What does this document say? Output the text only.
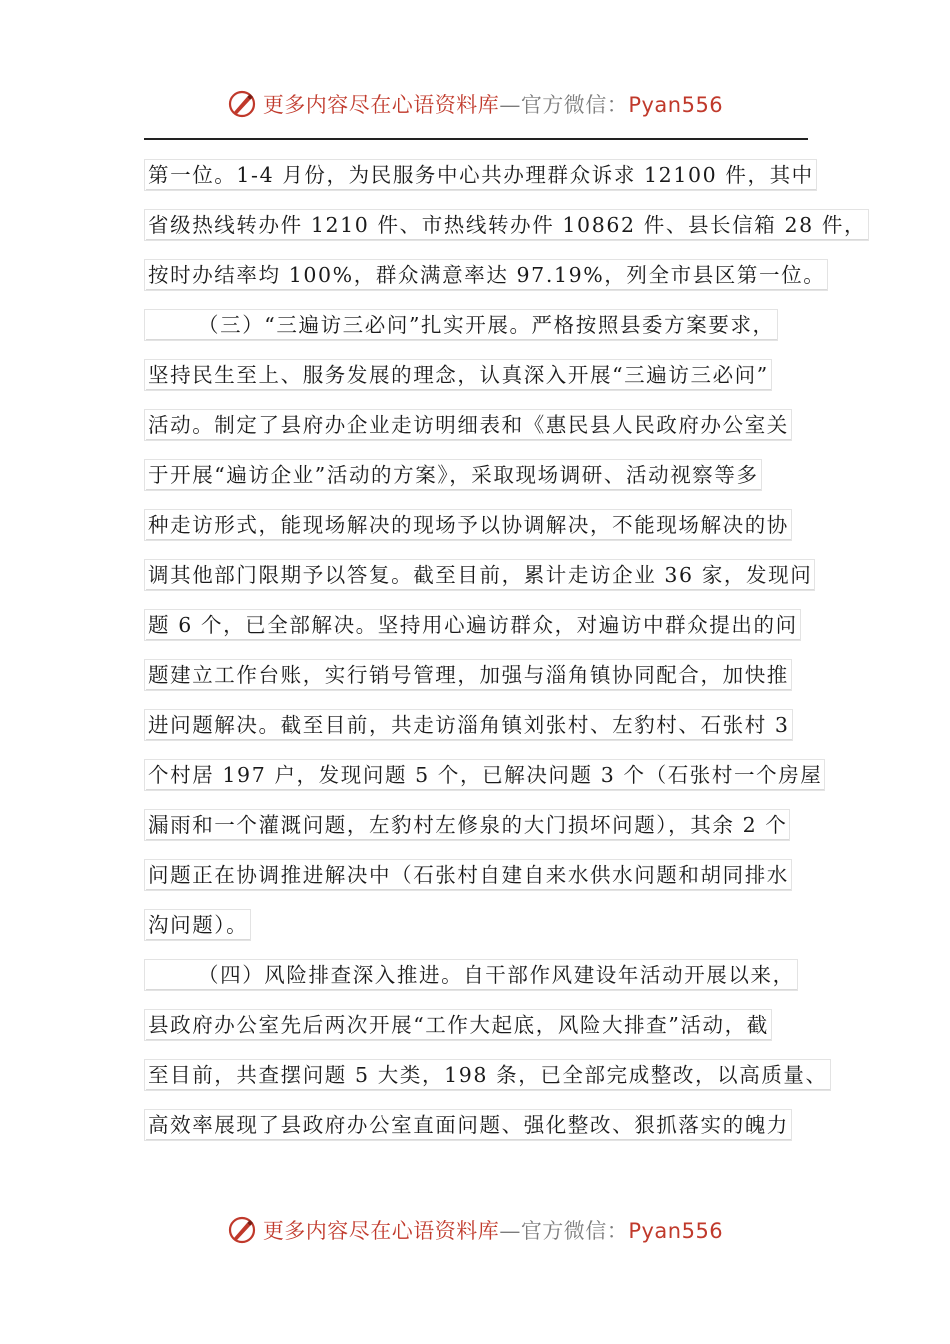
更多内容尽在心语资料库—官方微信：Pyan556
第一位。1-4 月份，为民服务中心共办理群众诉求 12100 件，其中
省级热线转办件 1210 件、市热线转办件 10862 件、县长信箱 28 件，
按时办结率均 100%，群众满意率达 97.19%，列全市县区第一位。
（三）“三遍访三必问”扎实开展。严格按照县委方案要求，
坚持民生至上、服务发展的理念，认真深入开展“三遍访三必问”
活动。制定了县府办企业走访明细表和《惠民县人民政府办公室关
于开展“遍访企业”活动的方案》，采取现场调研、活动视察等多
种走访形式，能现场解决的现场予以协调解决，不能现场解决的协
调其他部门限期予以答复。截至目前，累计走访企业 36 家，发现问
题 6 个，已全部解决。坚持用心遍访群众，对遍访中群众提出的问
题建立工作台账，实行销号管理，加强与淄角镇协同配合，加快推
进问题解决。截至目前，共走访淄角镇刘张村、左豹村、石张村 3
个村居 197 户，发现问题 5 个，已解决问题 3 个（石张村一个房屋
漏雨和一个灌溉问题，左豹村左修泉的大门损坏问题），其余 2 个
问题正在协调推进解决中（石张村自建自来水供水问题和胡同排水
沟问题）。
（四）风险排查深入推进。自干部作风建设年活动开展以来，
县政府办公室先后两次开展“工作大起底，风险大排查”活动，截
至目前，共查摆问题 5 大类，198 条，已全部完成整改，以高质量、
高效率展现了县政府办公室直面问题、强化整改、狠抓落实的魄力
更多内容尽在心语资料库—官方微信：Pyan556
